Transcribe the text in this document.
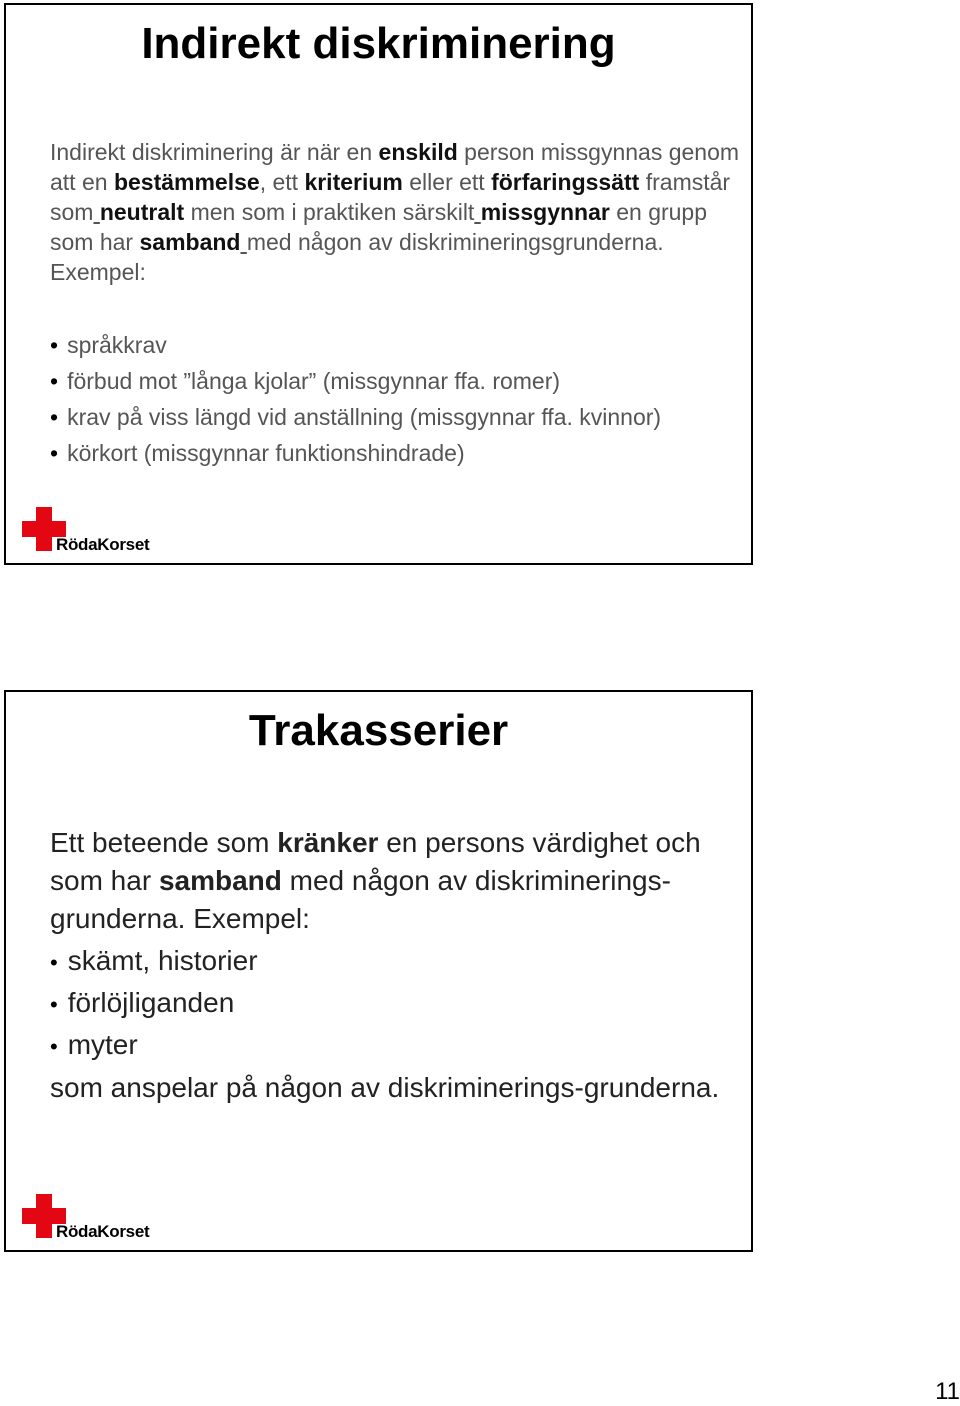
Indirekt diskriminering
Indirekt diskriminering är när en enskild person missgynnas genom att en bestämmelse, ett kriterium eller ett förfaringssätt framstår som neutralt men som i praktiken särskilt missgynnar en grupp som har samband med någon av diskrimineringsgrunderna. Exempel:
• språkkrav
• förbud mot ”långa kjolar” (missgynnar ffa. romer)
• krav på viss längd vid anställning (missgynnar ffa. kvinnor)
• körkort (missgynnar funktionshindrade)
RödaKorset
Trakasserier
Ett beteende som kränker en persons värdighet och som har samband med någon av diskriminerings-grunderna. Exempel:
• skämt, historier
• förlöjliganden
• myter
som anspelar på någon av diskriminerings-grunderna.
RödaKorset
11
